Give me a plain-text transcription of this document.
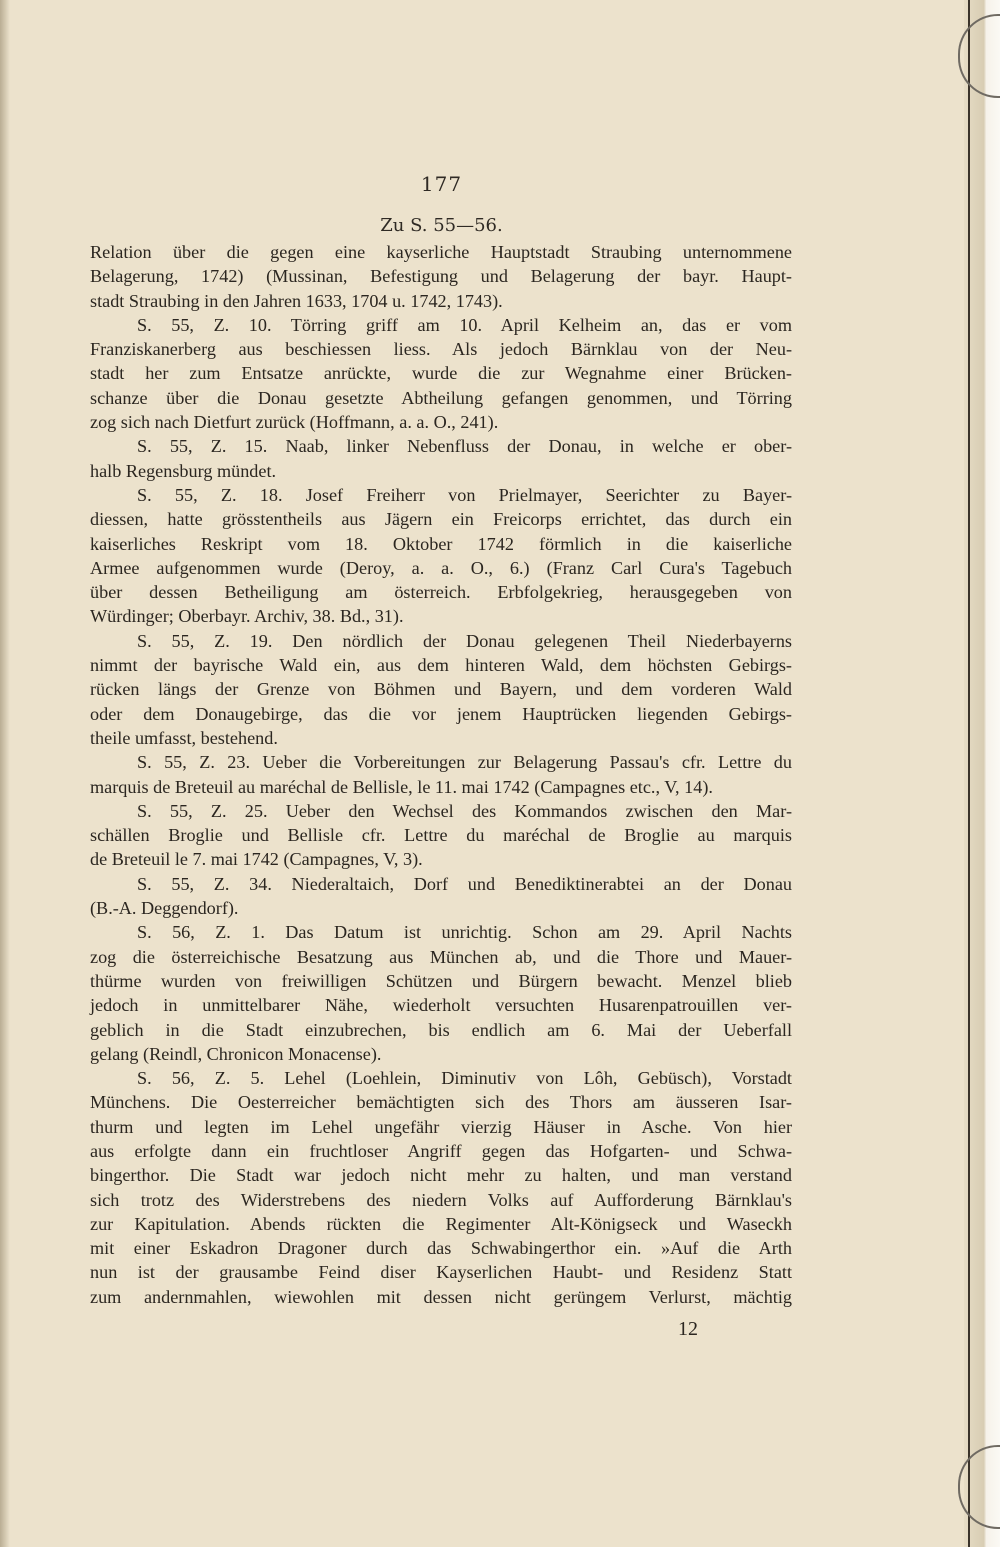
177
Zu S. 55—56.

Relation über die gegen eine kayserliche Hauptstadt Straubing unternommene

Belagerung, 1742) (Mussinan, Befestigung und Belagerung der bayr. Haupt-

stadt Straubing in den Jahren 1633, 1704 u. 1742, 1743).

S. 55, Z. 10. Törring griff am 10. April Kelheim an, das er vom

Franziskanerberg aus beschiessen liess. Als jedoch Bärnklau von der Neu-

stadt her zum Entsatze anrückte, wurde die zur Wegnahme einer Brücken-

schanze über die Donau gesetzte Abtheilung gefangen genommen, und Törring

zog sich nach Dietfurt zurück (Hoffmann, a. a. O., 241).

S. 55, Z. 15. Naab, linker Nebenfluss der Donau, in welche er ober-

halb Regensburg mündet.

S. 55, Z. 18. Josef Freiherr von Prielmayer, Seerichter zu Bayer-

diessen, hatte grösstentheils aus Jägern ein Freicorps errichtet, das durch ein

kaiserliches Reskript vom 18. Oktober 1742 förmlich in die kaiserliche

Armee aufgenommen wurde (Deroy, a. a. O., 6.) (Franz Carl Cura's Tagebuch

über dessen Betheiligung am österreich. Erbfolgekrieg, herausgegeben von

Würdinger; Oberbayr. Archiv, 38. Bd., 31).

S. 55, Z. 19. Den nördlich der Donau gelegenen Theil Niederbayerns

nimmt der bayrische Wald ein, aus dem hinteren Wald, dem höchsten Gebirgs-

rücken längs der Grenze von Böhmen und Bayern, und dem vorderen Wald

oder dem Donaugebirge, das die vor jenem Hauptrücken liegenden Gebirgs-

theile umfasst, bestehend.

S. 55, Z. 23. Ueber die Vorbereitungen zur Belagerung Passau's cfr. Lettre du

marquis de Breteuil au maréchal de Bellisle, le 11. mai 1742 (Campagnes etc., V, 14).

S. 55, Z. 25. Ueber den Wechsel des Kommandos zwischen den Mar-

schällen Broglie und Bellisle cfr. Lettre du maréchal de Broglie au marquis

de Breteuil le 7. mai 1742 (Campagnes, V, 3).

S. 55, Z. 34. Niederaltaich, Dorf und Benediktinerabtei an der Donau

(B.-A. Deggendorf).

S. 56, Z. 1. Das Datum ist unrichtig. Schon am 29. April Nachts

zog die österreichische Besatzung aus München ab, und die Thore und Mauer-

thürme wurden von freiwilligen Schützen und Bürgern bewacht. Menzel blieb

jedoch in unmittelbarer Nähe, wiederholt versuchten Husarenpatrouillen ver-

geblich in die Stadt einzubrechen, bis endlich am 6. Mai der Ueberfall

gelang (Reindl, Chronicon Monacense).

S. 56, Z. 5. Lehel (Loehlein, Diminutiv von Lôh, Gebüsch), Vorstadt

Münchens. Die Oesterreicher bemächtigten sich des Thors am äusseren Isar-

thurm und legten im Lehel ungefähr vierzig Häuser in Asche. Von hier

aus erfolgte dann ein fruchtloser Angriff gegen das Hofgarten- und Schwa-

bingerthor. Die Stadt war jedoch nicht mehr zu halten, und man verstand

sich trotz des Widerstrebens des niedern Volks auf Aufforderung Bärnklau's

zur Kapitulation. Abends rückten die Regimenter Alt-Königseck und Waseckh

mit einer Eskadron Dragoner durch das Schwabingerthor ein. »Auf die Arth

nun ist der grausambe Feind diser Kayserlichen Haubt- und Residenz Statt

zum andernmahlen, wiewohlen mit dessen nicht gerüngem Verlurst, mächtig

12
